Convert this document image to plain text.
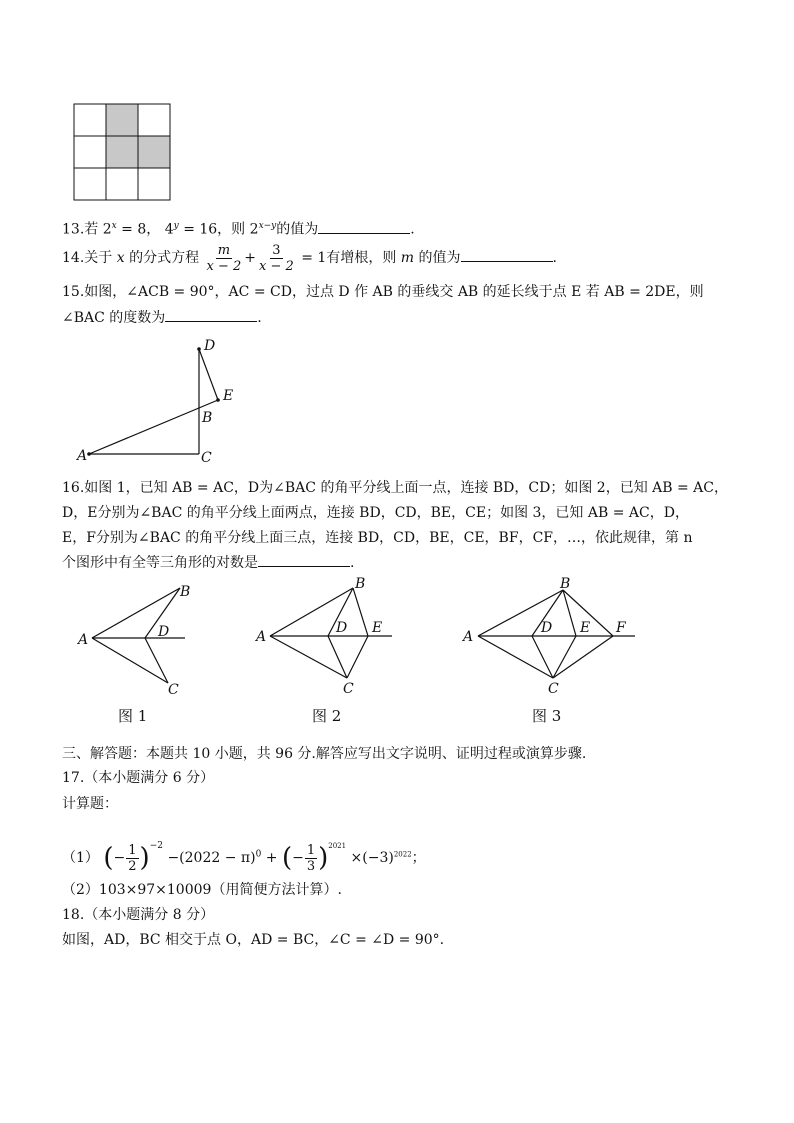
13.若 $2^x = 8$， $4^y = 16$，则 $2^{x-y}$的值为	.
14.关于 x 的分式方程 $\frac{m}{x - 2} + \frac{3}{x - 2} = 1$有增根，则 m 的值为	.
15.如图，∠ACB = 90°，AC = CD，过点 D 作 AB 的垂线交 AB 的延长线于点 E 若 AB = 2DE，则
∠BAC 的度数为	.
D
E
B
A	C
16.如图 1，已知 AB = AC，D为∠BAC 的角平分线上面一点，连接 BD，CD；如图 2，已知 AB = AC，
D，E分别为∠BAC 的角平分线上面两点，连接 BD，CD，BE，CE；如图 3，已知 AB = AC，D，
E，F分别为∠BAC 的角平分线上面三点，连接 BD，CD，BE，CE，BF，CF，…，依此规律，第 n
个图形中有全等三角形的对数是	.
A
B
C
D
图 1
A
B
C
D E
图 2
A
B
C
D E F
图 3
三、解答题：本题共 10 小题，共 96 分.解答应写出文字说明、证明过程或演算步骤.
17.（本小题满分 6 分）
计算题：
（1） (− $\frac{1}{2} )^{-2} -(2022 - \pi)^0$ + (− $\frac{1}{3} )^{2021} \times(-3)^{2022}$；
（2）103×97×10009（用简便方法计算）.
18.（本小题满分 8 分）
如图，AD，BC 相交于点 O，AD = BC，∠C = ∠D = 90°.
